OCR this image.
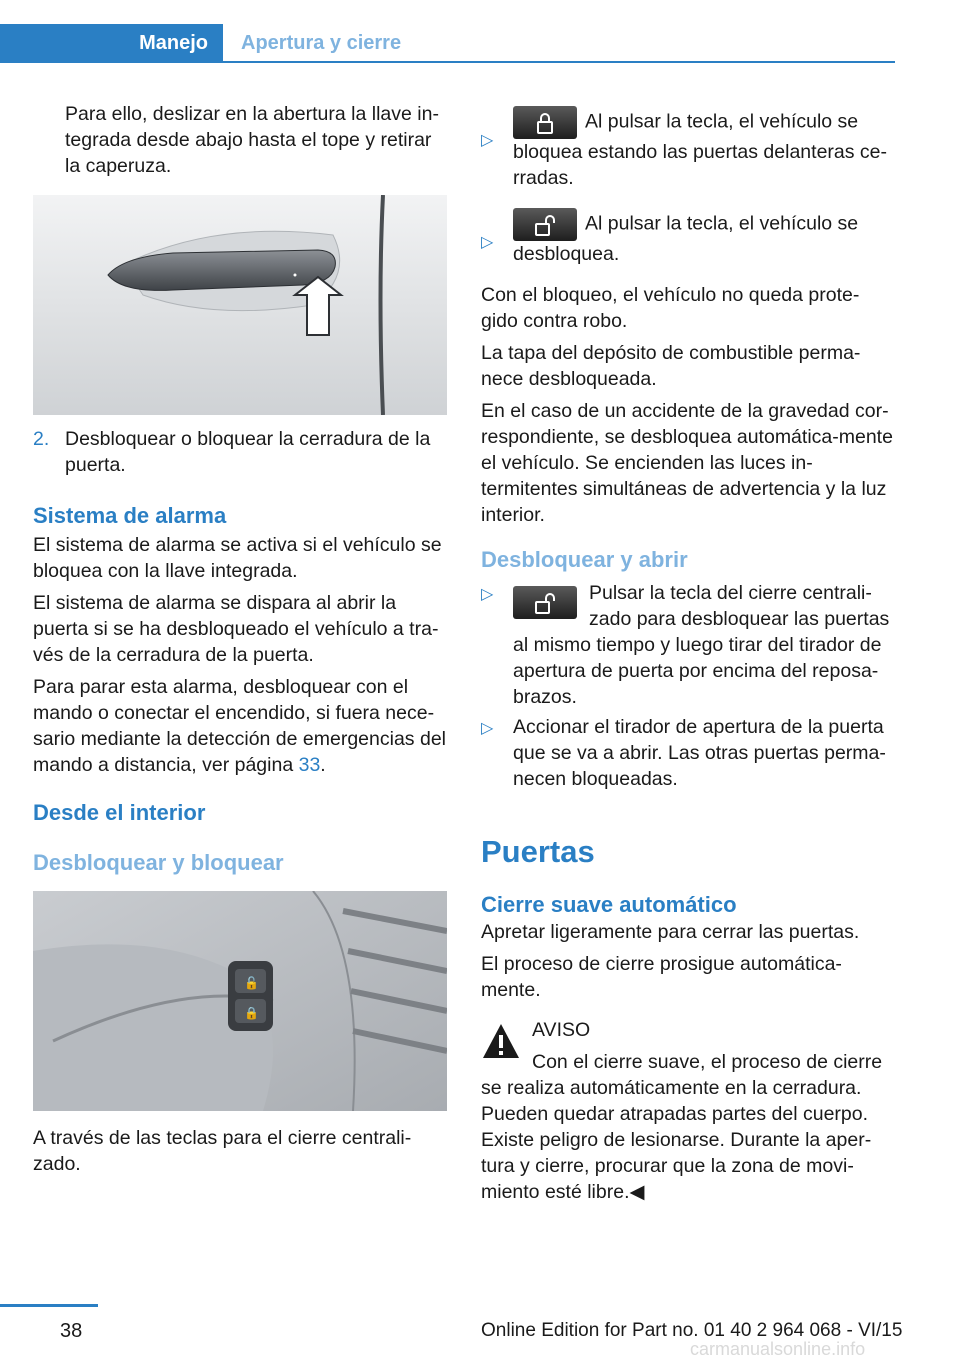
Manejo	Apertura y cierre

Para ello, deslizar en la abertura la llave in-tegrada desde abajo hasta el tope y retirar la caperuza.

2. Desbloquear o bloquear la cerradura de la puerta.

Sistema de alarma

El sistema de alarma se activa si el vehículo se bloquea con la llave integrada.

El sistema de alarma se dispara al abrir la puerta si se ha desbloqueado el vehículo a tra-vés de la cerradura de la puerta.

Para parar esta alarma, desbloquear con el mando o conectar el encendido, si fuera nece-sario mediante la detección de emergencias del mando a distancia, ver página 33.

Desde el interior
Desbloquear y bloquear
🔓
🔒

A través de las teclas para el cierre centrali-zado.

▷
Al pulsar la tecla, el vehículo se bloquea estando las puertas delanteras ce-rradas.
▷
Al pulsar la tecla, el vehículo se desbloquea.

Con el bloqueo, el vehículo no queda prote-gido contra robo.

La tapa del depósito de combustible perma-nece desbloqueada.

En el caso de un accidente de la gravedad cor-respondiente, se desbloquea automática-mente el vehículo. Se encienden las luces in-termitentes simultáneas de advertencia y la luz interior.

Desbloquear y abrir
▷	Pulsar la tecla del cierre centrali-zado para desbloquear las puertas al mismo tiempo y luego tirar del tirador de apertura de puerta por encima del reposa-brazos.
▷	Accionar el tirador de apertura de la puerta que se va a abrir. Las otras puertas perma-necen bloqueadas.

Puertas
Cierre suave automático

Apretar ligeramente para cerrar las puertas.

El proceso de cierre prosigue automática-mente.

AVISO

Con el cierre suave, el proceso de cierre se realiza automáticamente en la cerradura. Pueden quedar atrapadas partes del cuerpo. Existe peligro de lesionarse. Durante la aper-tura y cierre, procurar que la zona de movi-miento esté libre.◀

38	Online Edition for Part no. 01 40 2 964 068 - VI/15
carmanualsonline.info
